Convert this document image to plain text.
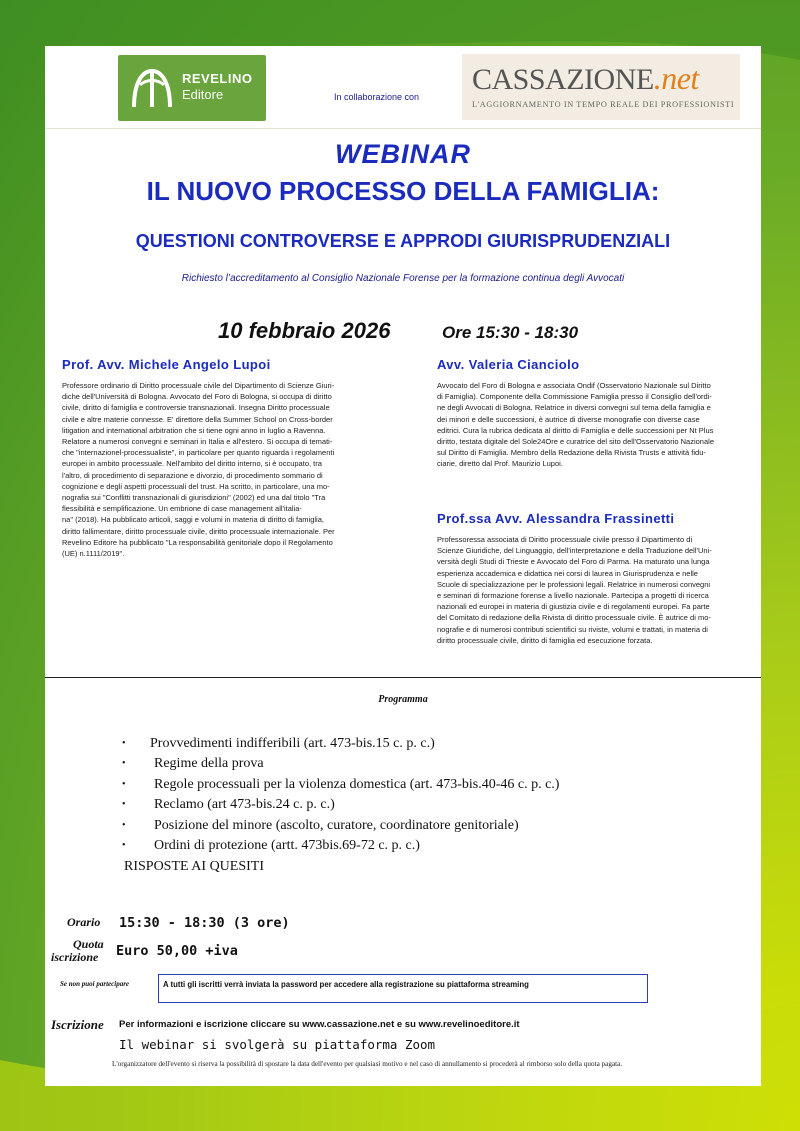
REVELINO
Editore	In collaborazione con
CASSAZIONE.net
L'AGGIORNAMENTO IN TEMPO REALE DEI PROFESSIONISTI
WEBINAR
IL NUOVO PROCESSO DELLA FAMIGLIA:
QUESTIONI CONTROVERSE E APPRODI GIURISPRUDENZIALI
Richiesto l’accreditamento al Consiglio Nazionale Forense per la formazione continua degli Avvocati
10 febbraio 2026	Ore 15:30 - 18:30
Prof. Avv. Michele Angelo Lupoi
Professore ordinario di Diritto processuale civile del Dipartimento di Scienze Giuri-
diche dell'Università di Bologna. Avvocato del Foro di Bologna, si occupa di diritto
civile, diritto di famiglia e controversie transnazionali. Insegna Diritto processuale
civile e altre materie connesse. E' direttore della Summer School on Cross-border
litigation and international arbitration che si tiene ogni anno in luglio a Ravenna.
Relatore a numerosi convegni e seminari in Italia e all'estero. Si occupa di temati-
che "internazionel-processualiste", in particolare per quanto riguarda i regolamenti
europei in ambito processuale. Nell'ambito del diritto interno, si è occupato, tra
l'altro, di procedimento di separazione e divorzio, di procedimento sommario di
cognizione e degli aspetti processuali del trust. Ha scritto, in particolare, una mo-
nografia sui "Conflitti transnazionali di giurisdizioni" (2002) ed una dal titolo "Tra
flessibilità e semplificazione. Un embrione di case management all'italia-
na" (2018). Ha pubblicato articoli, saggi e volumi in materia di diritto di famiglia,
diritto fallimentare, diritto processuale civile, diritto processuale internazionale. Per
Revelino Editore ha pubblicato "La responsabilità genitoriale dopo il Regolamento
(UE) n.1111/2019".
Avv. Valeria Cianciolo
Avvocato del Foro di Bologna e associata Ondif (Osservatorio Nazionale sul Diritto
di Famiglia). Componente della Commissione Famiglia presso il Consiglio dell'ordi-
ne degli Avvocati di Bologna. Relatrice in diversi convegni sul tema della famiglia e
dei minori e delle successioni, è autrice di diverse monografie con diverse case
editrici. Cura la rubrica dedicata al diritto di Famiglia e delle successioni per Nt Plus
diritto, testata digitale del Sole24Ore e curatrice del sito dell'Osservatorio Nazionale
sul Diritto di Famiglia. Membro della Redazione della Rivista Trusts e attività fidu-
ciarie, diretto dal Prof. Maurizio Lupoi.
Prof.ssa Avv. Alessandra Frassinetti
Professoressa associata di Diritto processuale civile presso il Dipartimento di
Scienze Giuridiche, del Linguaggio, dell'interpretazione e della Traduzione dell'Uni-
versità degli Studi di Trieste e Avvocato del Foro di Parma. Ha maturato una lunga
esperienza accademica e didattica nei corsi di laurea in Giurisprudenza e nelle
Scuole di specializzazione per le professioni legali. Relatrice in numerosi convegni
e seminari di formazione forense a livello nazionale. Partecipa a progetti di ricerca
nazionali ed europei in materia di giustizia civile e di regolamenti europei. Fa parte
del Comitato di redazione della Rivista di diritto processuale civile. È autrice di mo-
nografie e di numerosi contributi scientifici su riviste, volumi e trattati, in materia di
diritto processuale civile, diritto di famiglia ed esecuzione forzata.
Programma
• Provvedimenti indifferibili (art. 473-bis.15 c. p. c.)
• Regime della prova
• Regole processuali per la violenza domestica (art. 473-bis.40-46 c. p. c.)
• Reclamo (art 473-bis.24 c. p. c.)
• Posizione del minore (ascolto, curatore, coordinatore genitoriale)
• Ordini di protezione (artt. 473bis.69-72 c. p. c.)
RISPOSTE AI QUESITI
Orario 15:30 - 18:30 (3 ore)
Quota
iscrizione Euro 50,00 +iva
Se non puoi partecipare	A tutti gli iscritti verrà inviata la password per accedere alla registrazione su piattaforma streaming
Iscrizione Per informazioni e iscrizione cliccare su www.cassazione.net e su www.revelinoeditore.it
Il webinar si svolgerà su piattaforma Zoom
L'organizzatore dell'evento si riserva la possibilità di spostare la data dell'evento per qualsiasi motivo e nel caso di annullamento si procederà al rimborso solo della quota pagata.
